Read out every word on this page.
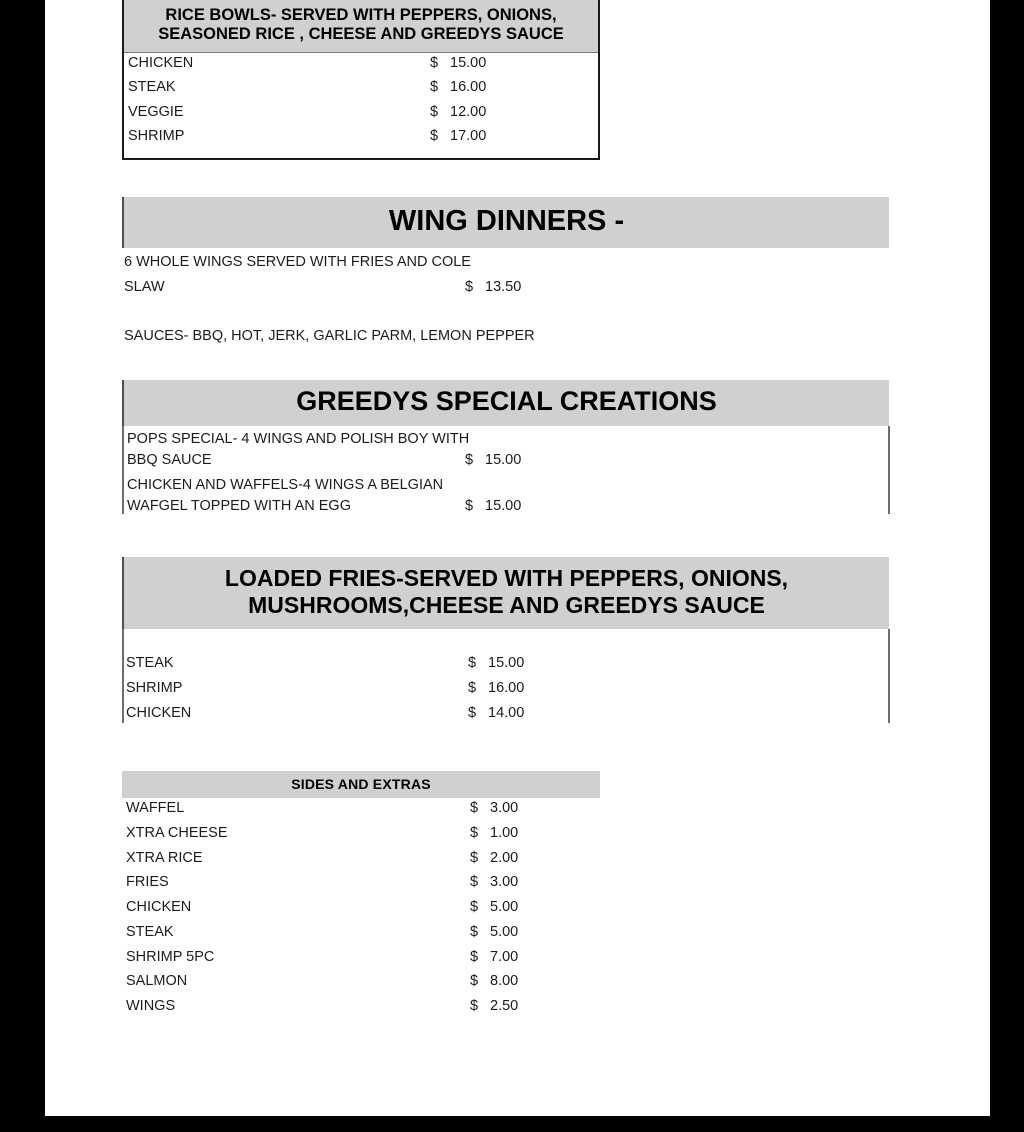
RICE BOWLS- SERVED WITH PEPPERS, ONIONS,
SEASONED RICE , CHEESE AND GREEDYS SAUCE
CHICKEN	$ 15.00
STEAK	$ 16.00
VEGGIE	$ 12.00
SHRIMP	$ 17.00
WING DINNERS -
6 WHOLE WINGS SERVED WITH FRIES AND COLE
SLAW	$ 13.50
SAUCES- BBQ, HOT, JERK, GARLIC PARM, LEMON PEPPER
GREEDYS SPECIAL CREATIONS
POPS SPECIAL- 4 WINGS AND POLISH BOY WITH
BBQ SAUCE	$ 15.00
CHICKEN AND WAFFELS-4 WINGS A BELGIAN
WAFGEL TOPPED WITH AN EGG	$ 15.00
LOADED FRIES-SERVED WITH PEPPERS, ONIONS,
MUSHROOMS,CHEESE AND GREEDYS SAUCE
STEAK	$ 15.00
SHRIMP	$ 16.00
CHICKEN	$ 14.00
SIDES AND EXTRAS
WAFFEL	$ 3.00
XTRA CHEESE	$ 1.00
XTRA RICE	$ 2.00
FRIES	$ 3.00
CHICKEN	$ 5.00
STEAK	$ 5.00
SHRIMP 5PC	$ 7.00
SALMON	$ 8.00
WINGS	$ 2.50
